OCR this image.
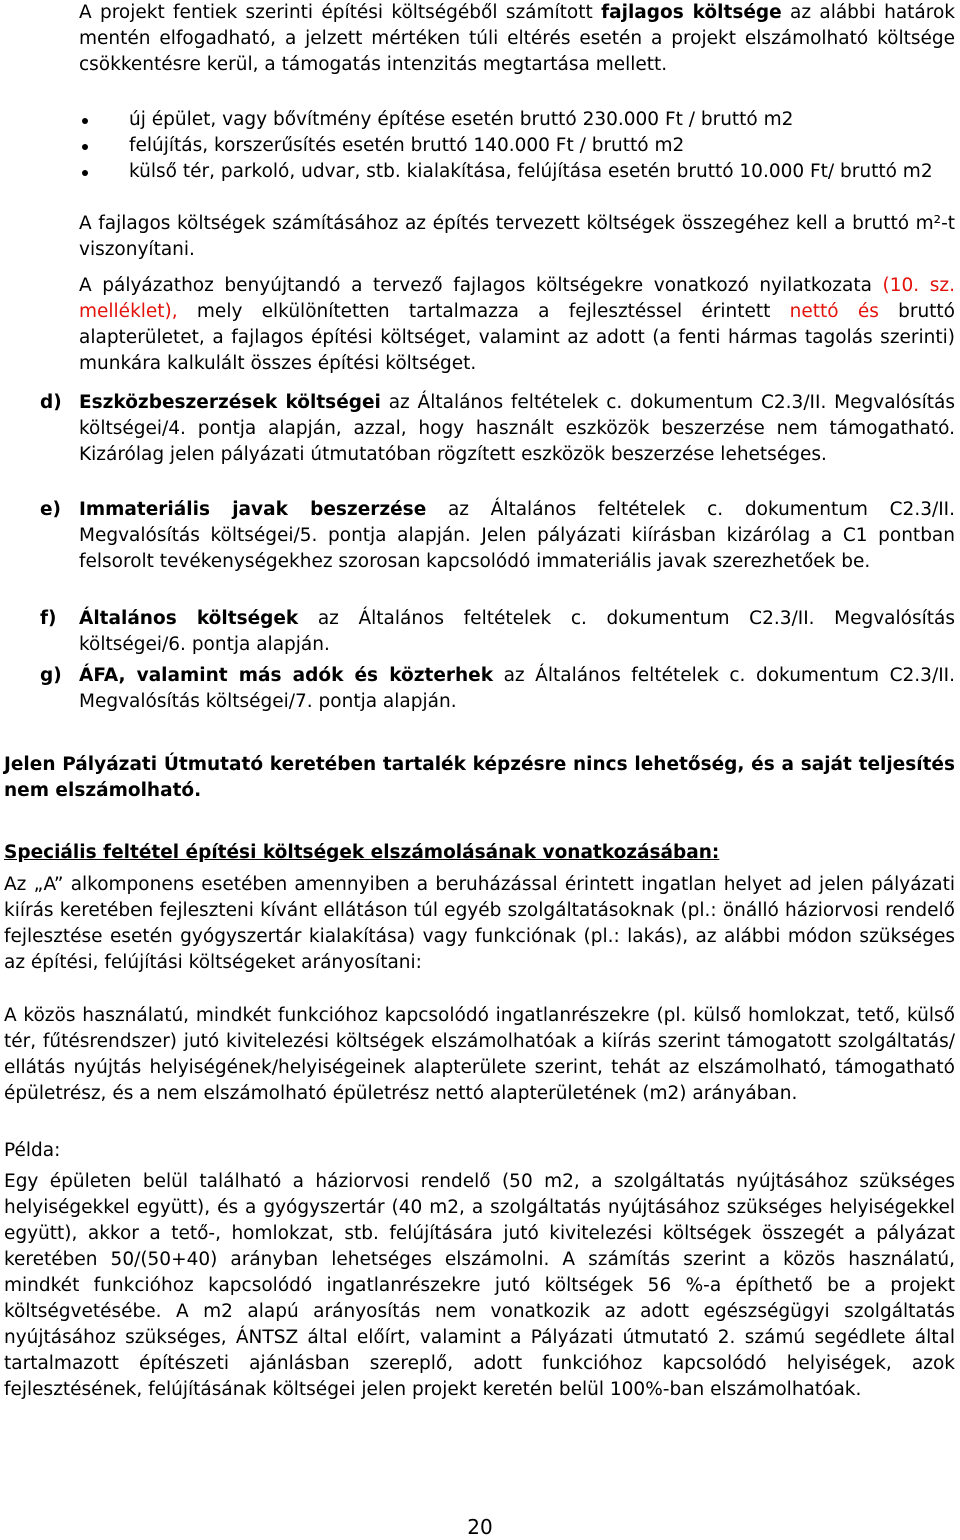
A projekt fentiek szerinti építési költségéből számított fajlagos költsége az alábbi határok mentén elfogadható, a jelzett mértéken túli eltérés esetén a projekt elszámolható költsége csökkentésre kerül, a támogatás intenzitás megtartása mellett.

új épület, vagy bővítmény építése esetén bruttó 230.000 Ft / bruttó m2
felújítás, korszerűsítés esetén bruttó 140.000 Ft / bruttó m2
külső tér, parkoló, udvar, stb. kialakítása, felújítása esetén bruttó 10.000 Ft/ bruttó m2

A fajlagos költségek számításához az építés tervezett költségek összegéhez kell a bruttó m²-t viszonyítani.

A pályázathoz benyújtandó a tervező fajlagos költségekre vonatkozó nyilatkozata (10. sz. melléklet), mely elkülönítetten tartalmazza a fejlesztéssel érintett nettó és bruttó alapterületet, a fajlagos építési költséget, valamint az adott (a fenti hármas tagolás szerinti) munkára kalkulált összes építési költséget.

d) Eszközbeszerzések költségei az Általános feltételek c. dokumentum C2.3/II. Megvalósítás költségei/4. pontja alapján, azzal, hogy használt eszközök beszerzése nem támogatható. Kizárólag jelen pályázati útmutatóban rögzített eszközök beszerzése lehetséges.

e) Immateriális javak beszerzése az Általános feltételek c. dokumentum C2.3/II. Megvalósítás költségei/5. pontja alapján. Jelen pályázati kiírásban kizárólag a C1 pontban felsorolt tevékenységekhez szorosan kapcsolódó immateriális javak szerezhetőek be.

f)	Általános költségek az Általános feltételek c. dokumentum C2.3/II. Megvalósítás költségei/6. pontja alapján.

g) ÁFA, valamint más adók és közterhek az Általános feltételek c. dokumentum C2.3/II. Megvalósítás költségei/7. pontja alapján.

Jelen Pályázati Útmutató keretében tartalék képzésre nincs lehetőség, és a saját teljesítés nem elszámolható.

Speciális feltétel építési költségek elszámolásának vonatkozásában:

Az „A” alkomponens esetében amennyiben a beruházással érintett ingatlan helyet ad jelen pályázati kiírás keretében fejleszteni kívánt ellátáson túl egyéb szolgáltatásoknak (pl.: önálló háziorvosi rendelő fejlesztése esetén gyógyszertár kialakítása) vagy funkciónak (pl.: lakás), az alábbi módon szükséges az építési, felújítási költségeket arányosítani:

A közös használatú, mindkét funkcióhoz kapcsolódó ingatlanrészekre (pl. külső homlokzat, tető, külső tér, fűtésrendszer) jutó kivitelezési költségek elszámolhatóak a kiírás szerint támogatott szolgáltatás/ ellátás nyújtás helyiségének/helyiségeinek alapterülete szerint, tehát az elszámolható, támogatható épületrész, és a nem elszámolható épületrész nettó alapterületének (m2) arányában.

Példa:

Egy épületen belül található a háziorvosi rendelő (50 m2, a szolgáltatás nyújtásához szükséges helyiségekkel együtt), és a gyógyszertár (40 m2, a szolgáltatás nyújtásához szükséges helyiségekkel együtt), akkor a tető-, homlokzat, stb. felújítására jutó kivitelezési költségek összegét a pályázat keretében 50/(50+40) arányban lehetséges elszámolni. A számítás szerint a közös használatú, mindkét funkcióhoz kapcsolódó ingatlanrészekre jutó költségek 56 %-a építhető be a projekt költségvetésébe. A m2 alapú arányosítás nem vonatkozik az adott egészségügyi szolgáltatás nyújtásához szükséges, ÁNTSZ által előírt, valamint a Pályázati útmutató 2. számú segédlete által tartalmazott építészeti ajánlásban szereplő, adott funkcióhoz kapcsolódó helyiségek, azok fejlesztésének, felújításának költségei jelen projekt keretén belül 100%-ban elszámolhatóak.

20
